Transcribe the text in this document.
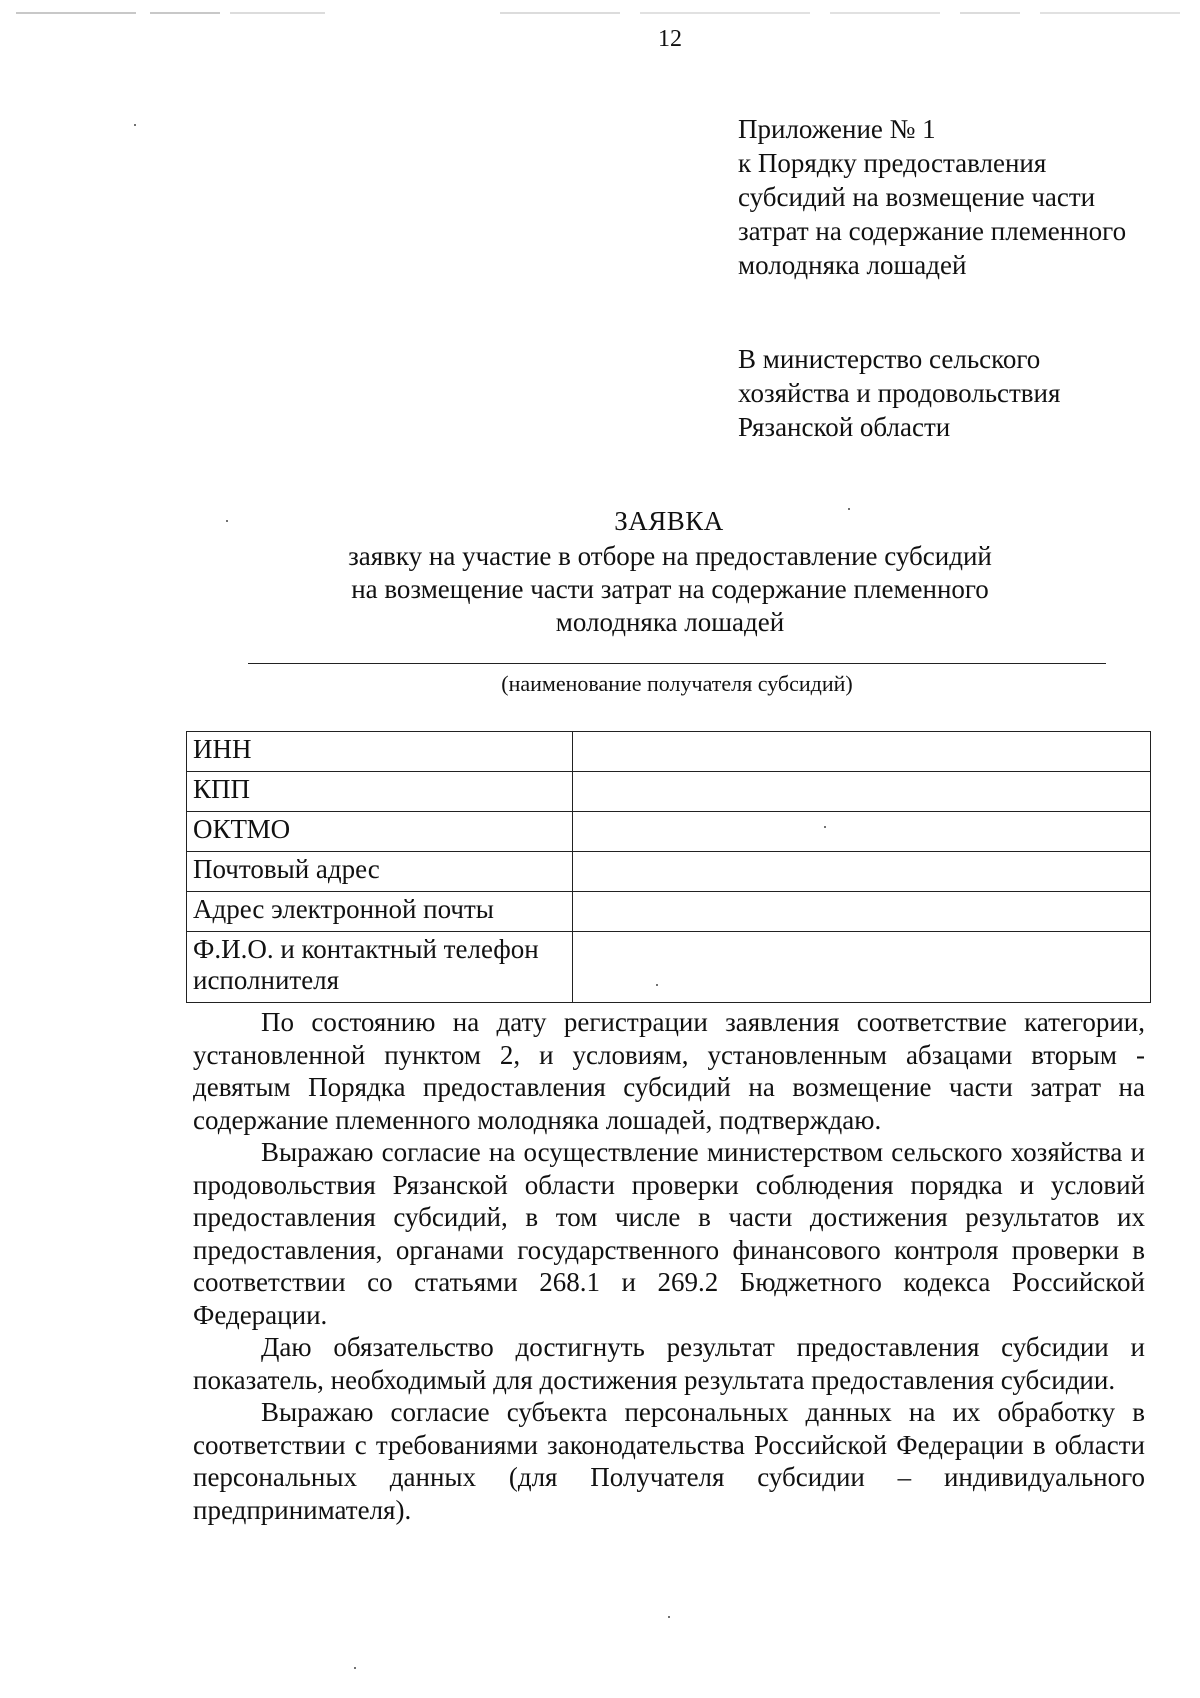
12
Приложение № 1
к Порядку предоставления
субсидий на возмещение части
затрат на содержание племенного
молодняка лошадей
В министерство сельского
хозяйства и продовольствия
Рязанской области
ЗАЯВКА
заявку на участие в отборе на предоставление субсидий
на возмещение части затрат на содержание племенного
молодняка лошадей
(наименование получателя субсидий)
ИНН	
КПП	
ОКТМО	
Почтовый адрес	
Адрес электронной почты	
Ф.И.О. и контактный телефон исполнителя	

По состоянию на дату регистрации заявления соответствие категории, установленной пунктом 2, и условиям, установленным абзацами вторым - девятым Порядка предоставления субсидий на возмещение части затрат на содержание племенного молодняка лошадей, подтверждаю.

Выражаю согласие на осуществление министерством сельского хозяйства и продовольствия Рязанской области проверки соблюдения порядка и условий предоставления субсидий, в том числе в части достижения результатов их предоставления, органами государственного финансового контроля проверки в соответствии со статьями 268.1 и 269.2 Бюджетного кодекса Российской Федерации.

Даю обязательство достигнуть результат предоставления субсидии и показатель, необходимый для достижения результата предоставления субсидии.

Выражаю согласие субъекта персональных данных на их обработку в соответствии с требованиями законодательства Российской Федерации в области персональных данных (для Получателя субсидии – индивидуального предпринимателя).
